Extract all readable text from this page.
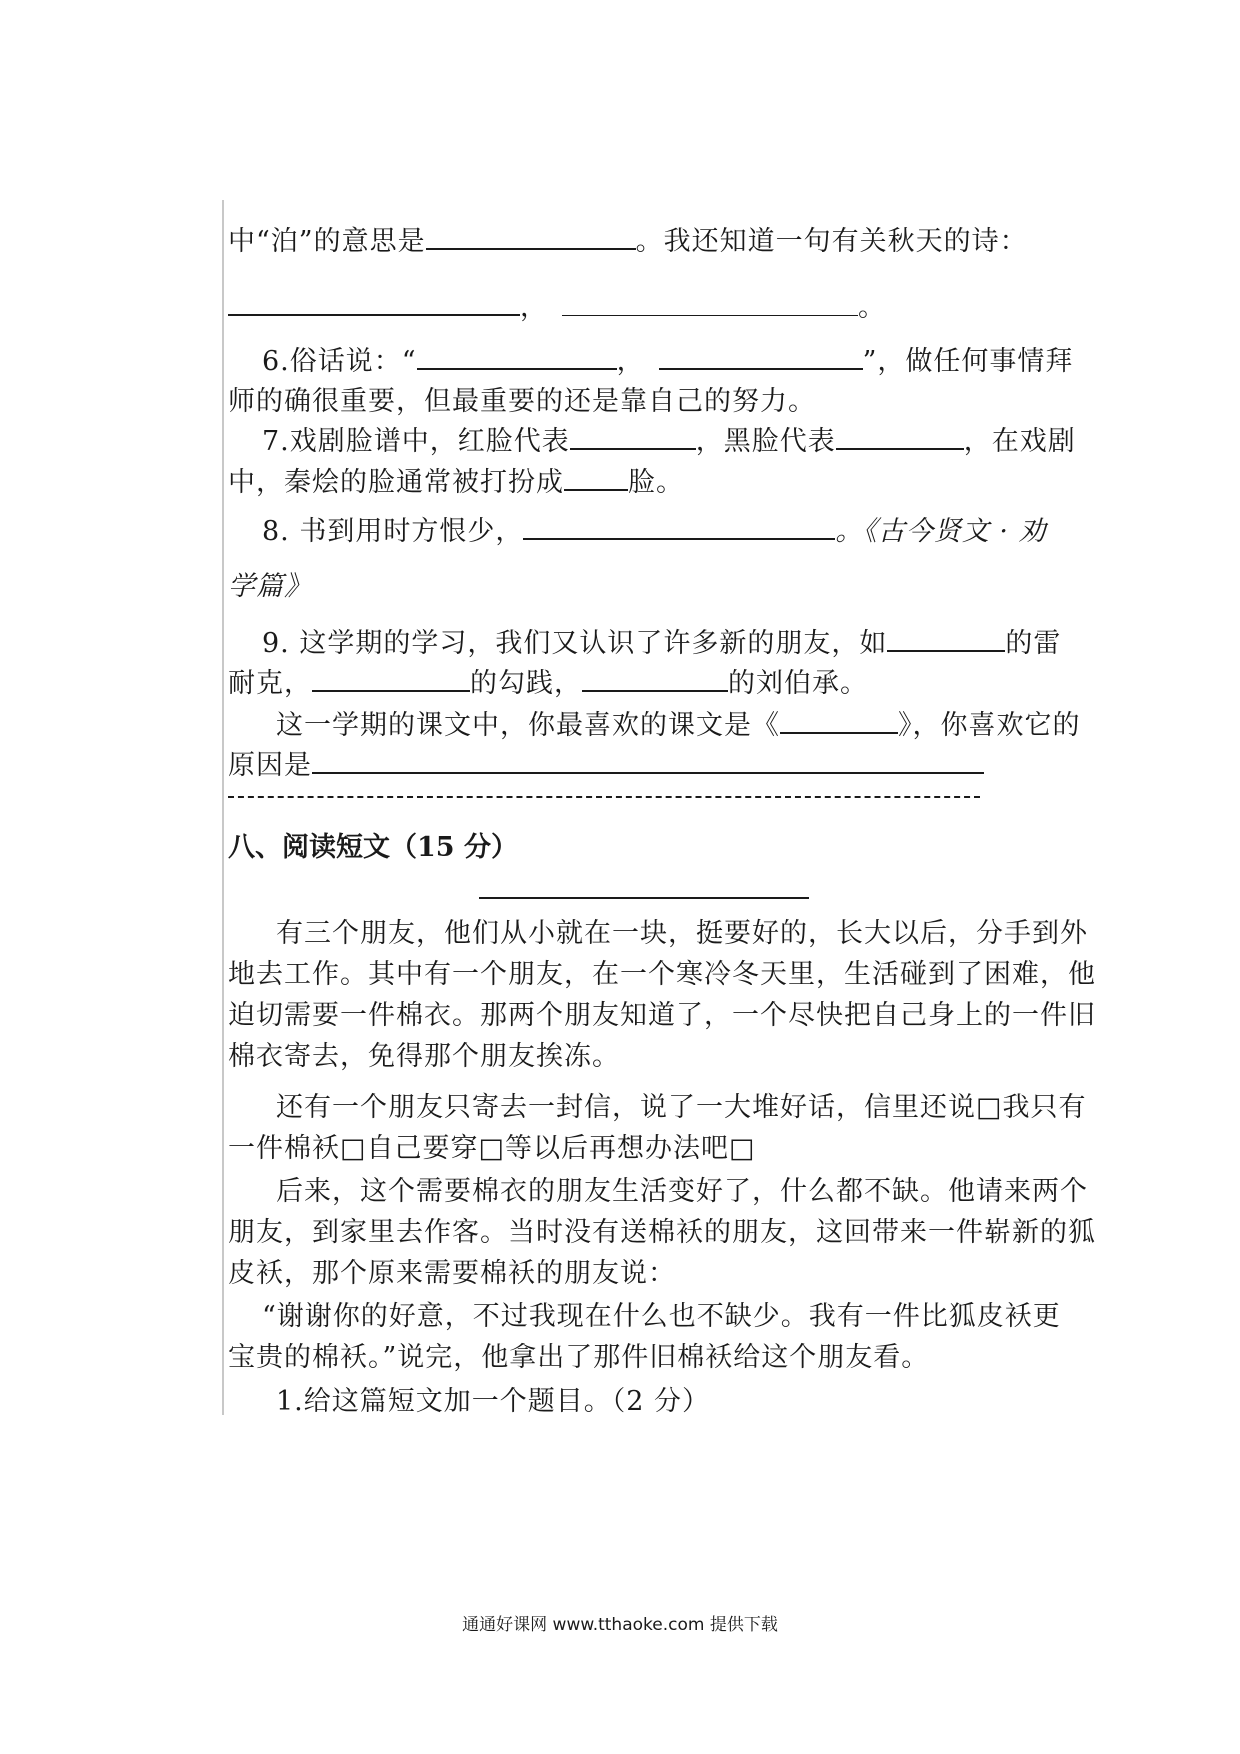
中“泊”的意思是	。我还知道一句有关秋天的诗：
，	。
6.俗话说：“	，	”，做任何事情拜
师的确很重要，但最重要的还是靠自己的努力。
7.戏剧脸谱中，红脸代表	，黑脸代表	，在戏剧
中，秦烩的脸通常被打扮成 脸。
8. 书到用时方恨少，	。《古今贤文 · 劝
学篇》
9. 这学期的学习，我们又认识了许多新的朋友，如	的雷
耐克，	的勾践，	的刘伯承。
这一学期的课文中，你最喜欢的课文是《	》，你喜欢它的
原因是
八、阅读短文（15 分）
有三个朋友，他们从小就在一块，挺要好的，长大以后，分手到外
地去工作。其中有一个朋友，在一个寒冷冬天里，生活碰到了困难，他
迫切需要一件棉衣。那两个朋友知道了，一个尽快把自己身上的一件旧
棉衣寄去，免得那个朋友挨冻。
还有一个朋友只寄去一封信，说了一大堆好话，信里还说□我只有
一件棉袄□自己要穿□等以后再想办法吧□
后来，这个需要棉衣的朋友生活变好了，什么都不缺。他请来两个
朋友，到家里去作客。当时没有送棉袄的朋友，这回带来一件崭新的狐
皮袄，那个原来需要棉袄的朋友说：
“谢谢你的好意，不过我现在什么也不缺少。我有一件比狐皮袄更
宝贵的棉袄。”说完，他拿出了那件旧棉袄给这个朋友看。
1.给这篇短文加一个题目。（2 分）
通通好课网 www.tthaoke.com 提供下载
